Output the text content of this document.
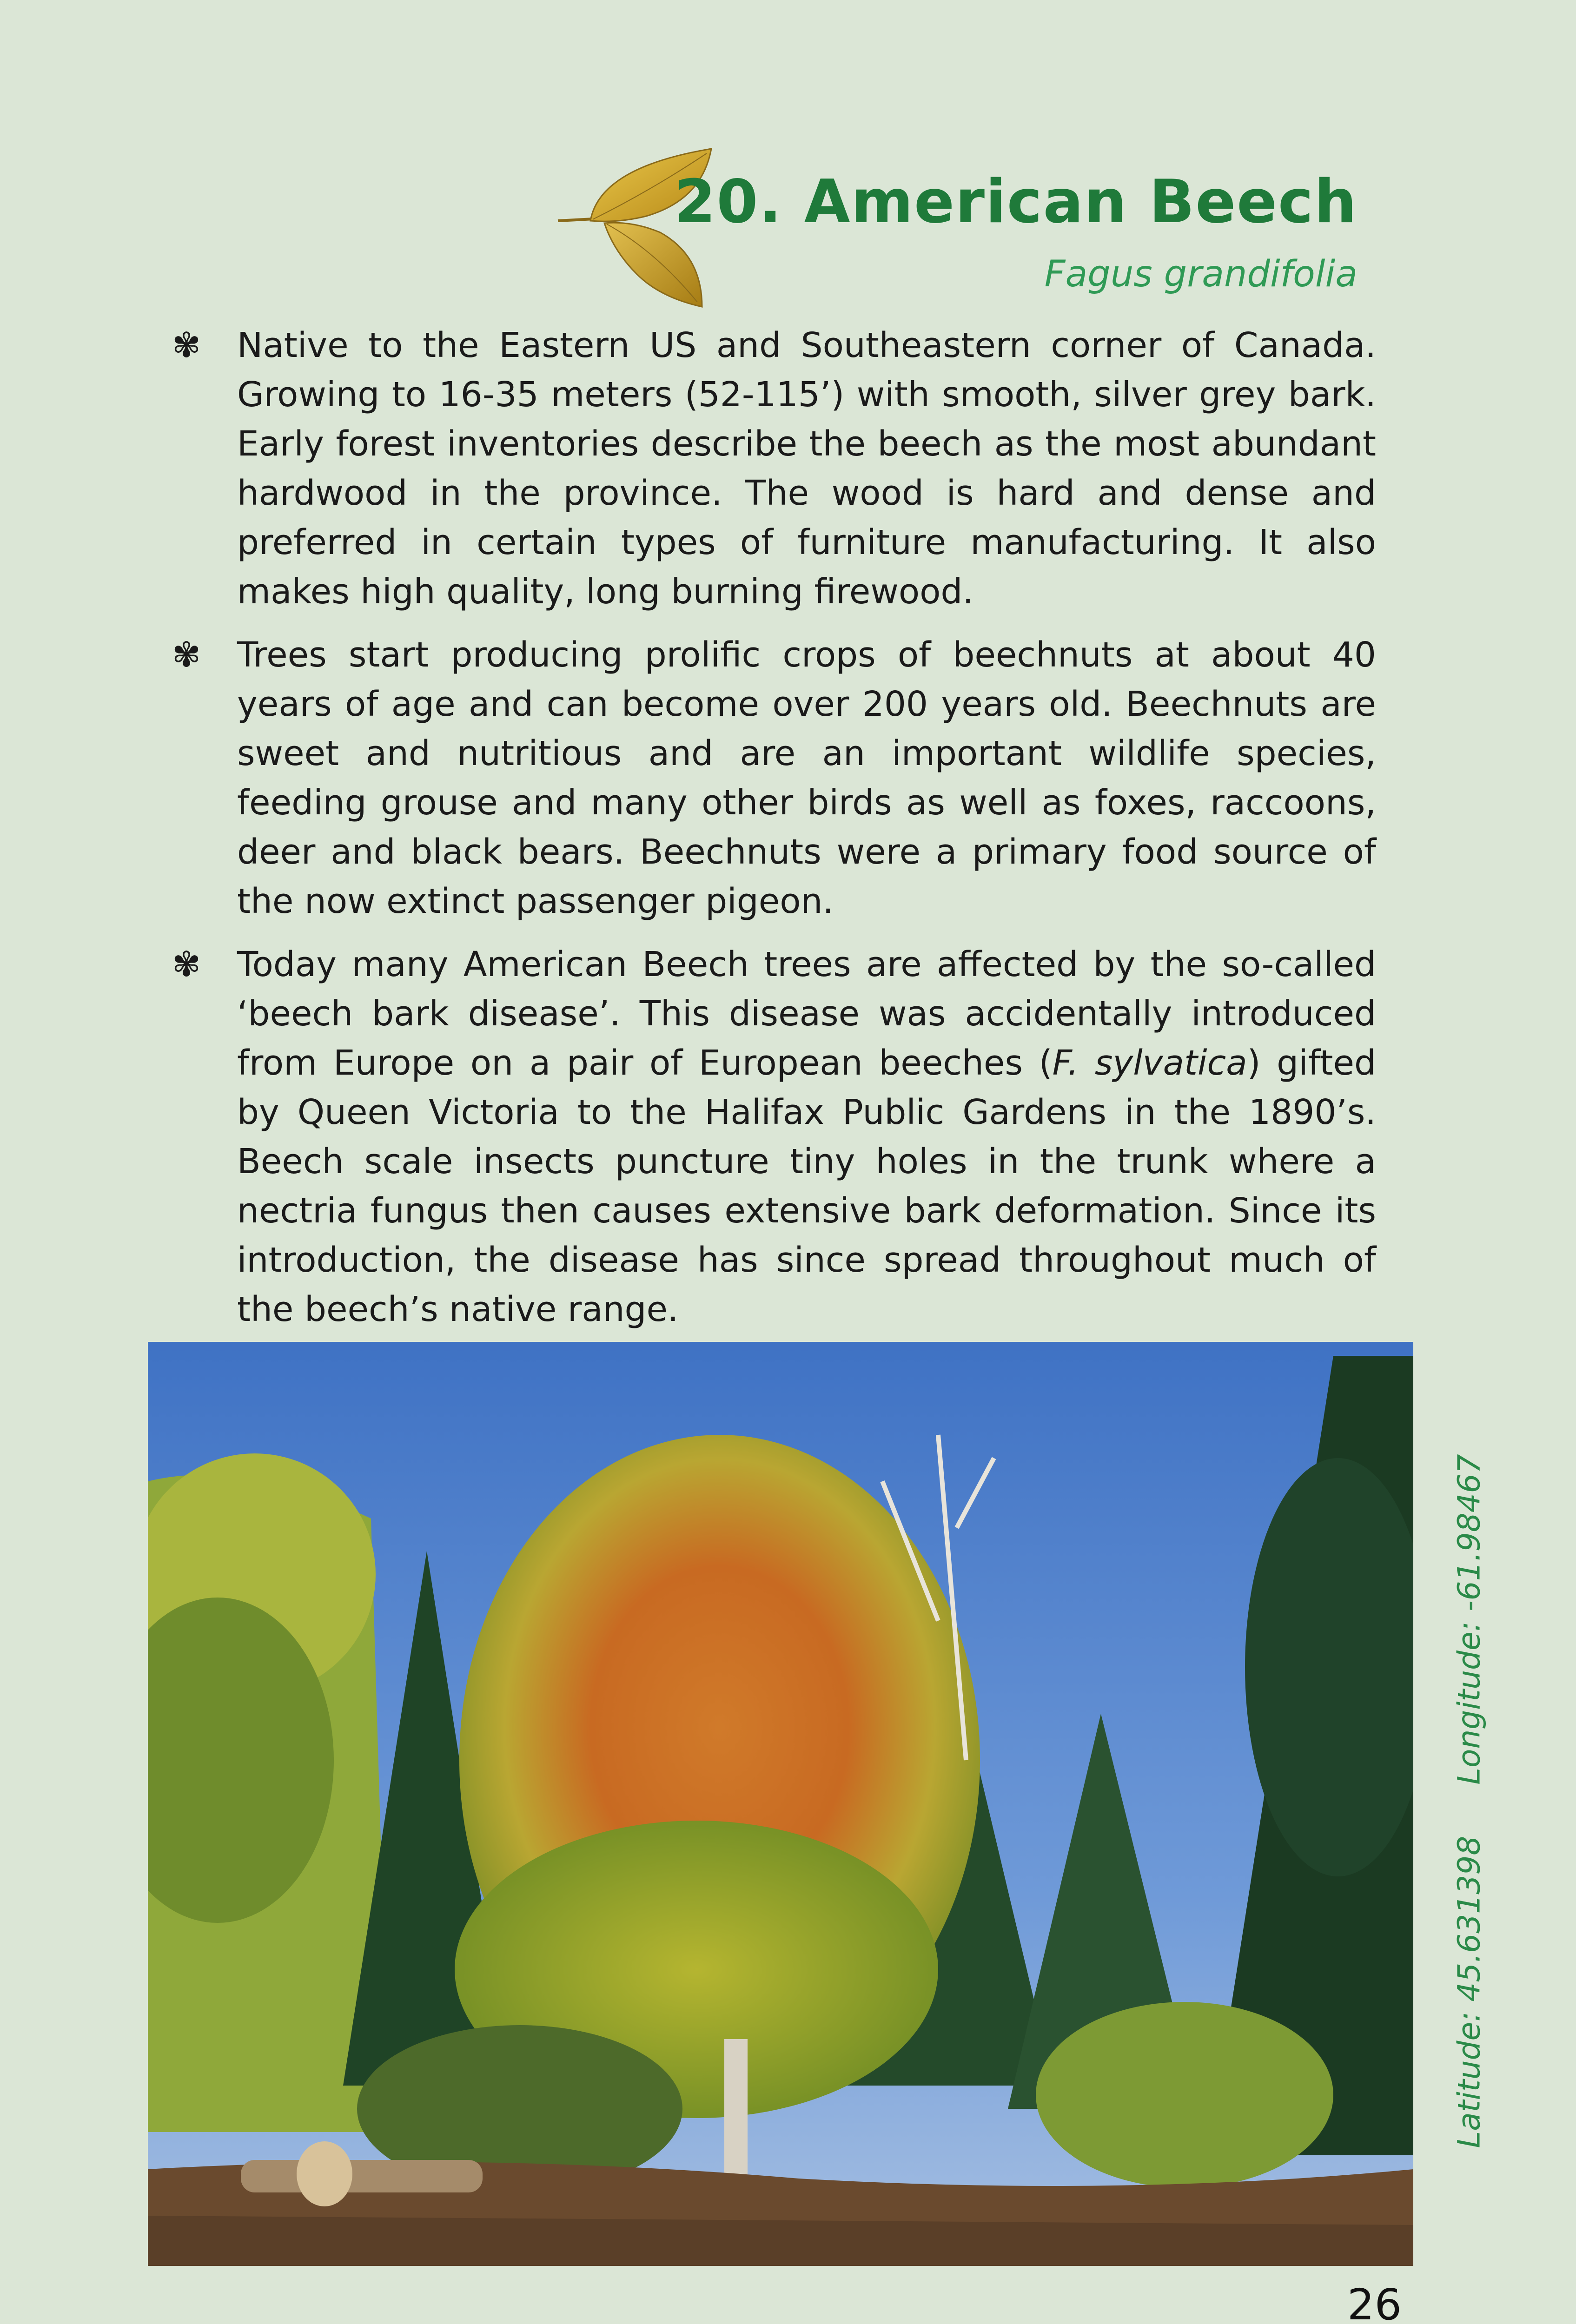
20. American Beech
Fagus grandifolia
✾ Native to the Eastern US and Southeastern corner of Canada. Growing to 16-35 meters (52-115’) with smooth, silver grey bark. Early forest inventories describe the beech as the most abundant hardwood in the province. The wood is hard and dense and preferred in certain types of furniture manufacturing. It also makes high quality, long burning firewood.
✾ Trees start producing prolific crops of beechnuts at about 40 years of age and can become over 200 years old. Beechnuts are sweet and nutritious and are an important wildlife species, feeding grouse and many other birds as well as foxes, raccoons, deer and black bears. Beechnuts were a primary food source of the now extinct passenger pigeon.
✾ Today many American Beech trees are affected by the so-called ‘beech bark disease’. This disease was accidentally introduced from Europe on a pair of European beeches (F. sylvatica) gifted by Queen Victoria to the Halifax Public Gardens in the 1890’s. Beech scale insects puncture tiny holes in the trunk where a nectria fungus then causes extensive bark deformation. Since its introduction, the disease has since spread throughout much of the beech’s native range.
Latitude: 45.631398Longitude: -61.98467
26
